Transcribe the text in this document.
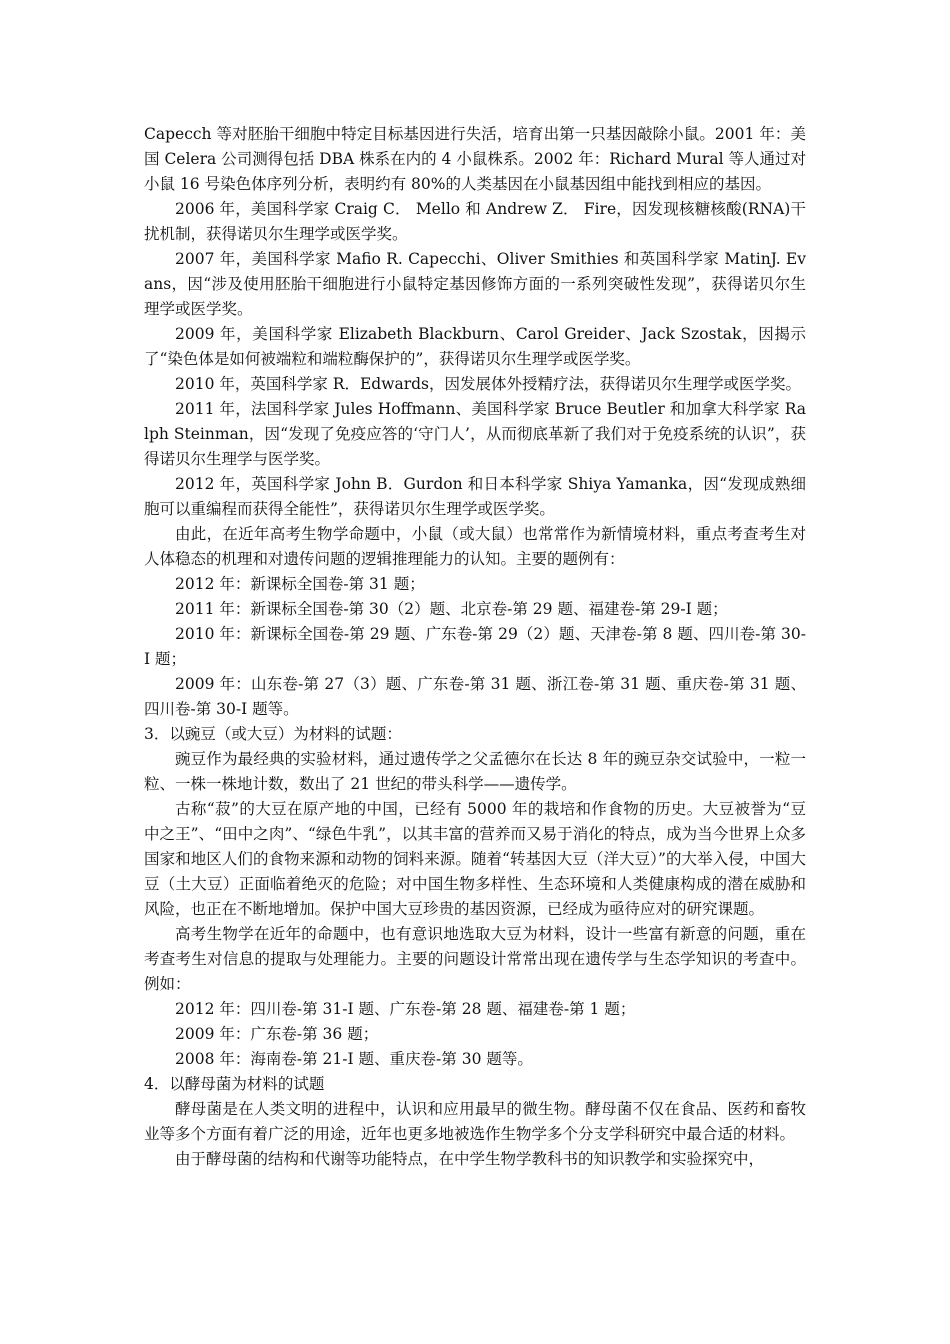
Capecch 等对胚胎干细胞中特定目标基因进行失活，培育出第一只基因敲除小鼠。2001 年：美国 Celera 公司测得包括 DBA 株系在内的 4 小鼠株系。2002 年：Richard Mural 等人通过对小鼠 16 号染色体序列分析，表明约有 80%的人类基因在小鼠基因组中能找到相应的基因。

2006 年，美国科学家 Craig C． Mello 和 Andrew Z． Fire，因发现核糖核酸(RNA)干扰机制，获得诺贝尔生理学或医学奖。

2007 年，美国科学家 Mafio R. Capecchi、Oliver Smithies 和英国科学家 MatinJ. Evans，因“涉及使用胚胎干细胞进行小鼠特定基因修饰方面的一系列突破性发现”，获得诺贝尔生理学或医学奖。

2009 年，美国科学家 Elizabeth Blackburn、Carol Greider、Jack Szostak，因揭示了“染色体是如何被端粒和端粒酶保护的”，获得诺贝尔生理学或医学奖。

2010 年，英国科学家 R．Edwards，因发展体外授精疗法，获得诺贝尔生理学或医学奖。

2011 年，法国科学家 Jules Hoffmann、美国科学家 Bruce Beutler 和加拿大科学家 Ralph Steinman，因“发现了免疫应答的‘守门人’，从而彻底革新了我们对于免疫系统的认识”，获得诺贝尔生理学与医学奖。

2012 年，英国科学家 John B．Gurdon 和日本科学家 Shiya Yamanka，因“发现成熟细胞可以重编程而获得全能性”，获得诺贝尔生理学或医学奖。

由此，在近年高考生物学命题中，小鼠（或大鼠）也常常作为新情境材料，重点考查考生对人体稳态的机理和对遗传问题的逻辑推理能力的认知。主要的题例有：

2012 年：新课标全国卷-第 31 题；

2011 年：新课标全国卷-第 30（2）题、北京卷-第 29 题、福建卷-第 29-Ⅰ 题；

2010 年：新课标全国卷-第 29 题、广东卷-第 29（2）题、天津卷-第 8 题、四川卷-第 30-Ⅰ 题；

2009 年：山东卷-第 27（3）题、广东卷-第 31 题、浙江卷-第 31 题、重庆卷-第 31 题、四川卷-第 30-Ⅰ 题等。

3．以豌豆（或大豆）为材料的试题：

豌豆作为最经典的实验材料，通过遗传学之父孟德尔在长达 8 年的豌豆杂交试验中，一粒一粒、一株一株地计数，数出了 21 世纪的带头科学——遗传学。

古称“菽”的大豆在原产地的中国，已经有 5000 年的栽培和作食物的历史。大豆被誉为“豆中之王”、“田中之肉”、“绿色牛乳”，以其丰富的营养而又易于消化的特点，成为当今世界上众多国家和地区人们的食物来源和动物的饲料来源。随着“转基因大豆（洋大豆）”的大举入侵，中国大豆（土大豆）正面临着绝灭的危险；对中国生物多样性、生态环境和人类健康构成的潜在威胁和风险，也正在不断地增加。保护中国大豆珍贵的基因资源，已经成为亟待应对的研究课题。

高考生物学在近年的命题中，也有意识地选取大豆为材料，设计一些富有新意的问题，重在考查考生对信息的提取与处理能力。主要的问题设计常常出现在遗传学与生态学知识的考查中。例如：

2012 年：四川卷-第 31-Ⅰ 题、广东卷-第 28 题、福建卷-第 1 题；

2009 年：广东卷-第 36 题；

2008 年：海南卷-第 21-Ⅰ 题、重庆卷-第 30 题等。

4．以酵母菌为材料的试题

酵母菌是在人类文明的进程中，认识和应用最早的微生物。酵母菌不仅在食品、医药和畜牧业等多个方面有着广泛的用途，近年也更多地被选作生物学多个分支学科研究中最合适的材料。

由于酵母菌的结构和代谢等功能特点，在中学生物学教科书的知识教学和实验探究中，
